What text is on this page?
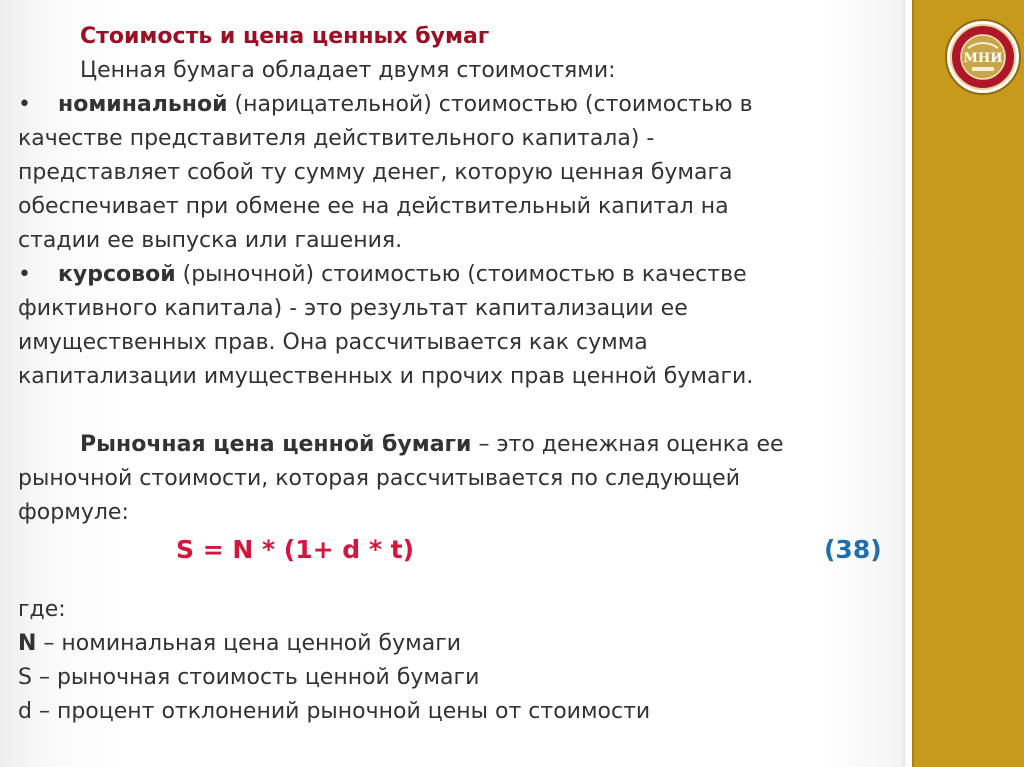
МНИ
Стоимость и цена ценных бумаг
Ценная бумага обладает двумя стоимостями:
• номинальной (нарицательной) стоимостью (стоимостью в
качестве представителя действительного капитала) -
представляет собой ту сумму денег, которую ценная бумага
обеспечивает при обмене ее на действительный капитал на
стадии ее выпуска или гашения.
• курсовой (рыночной) стоимостью (стоимостью в качестве
фиктивного капитала) - это результат капитализации ее
имущественных прав. Она рассчитывается как сумма
капитализации имущественных и прочих прав ценной бумаги.
Рыночная цена ценной бумаги – это денежная оценка ее
рыночной стоимости, которая рассчитывается по следующей
формуле:
S = N * (1+ d * t)	(38)
где:
N – номинальная цена ценной бумаги
S – рыночная стоимость ценной бумаги
d – процент отклонений рыночной цены от стоимости
